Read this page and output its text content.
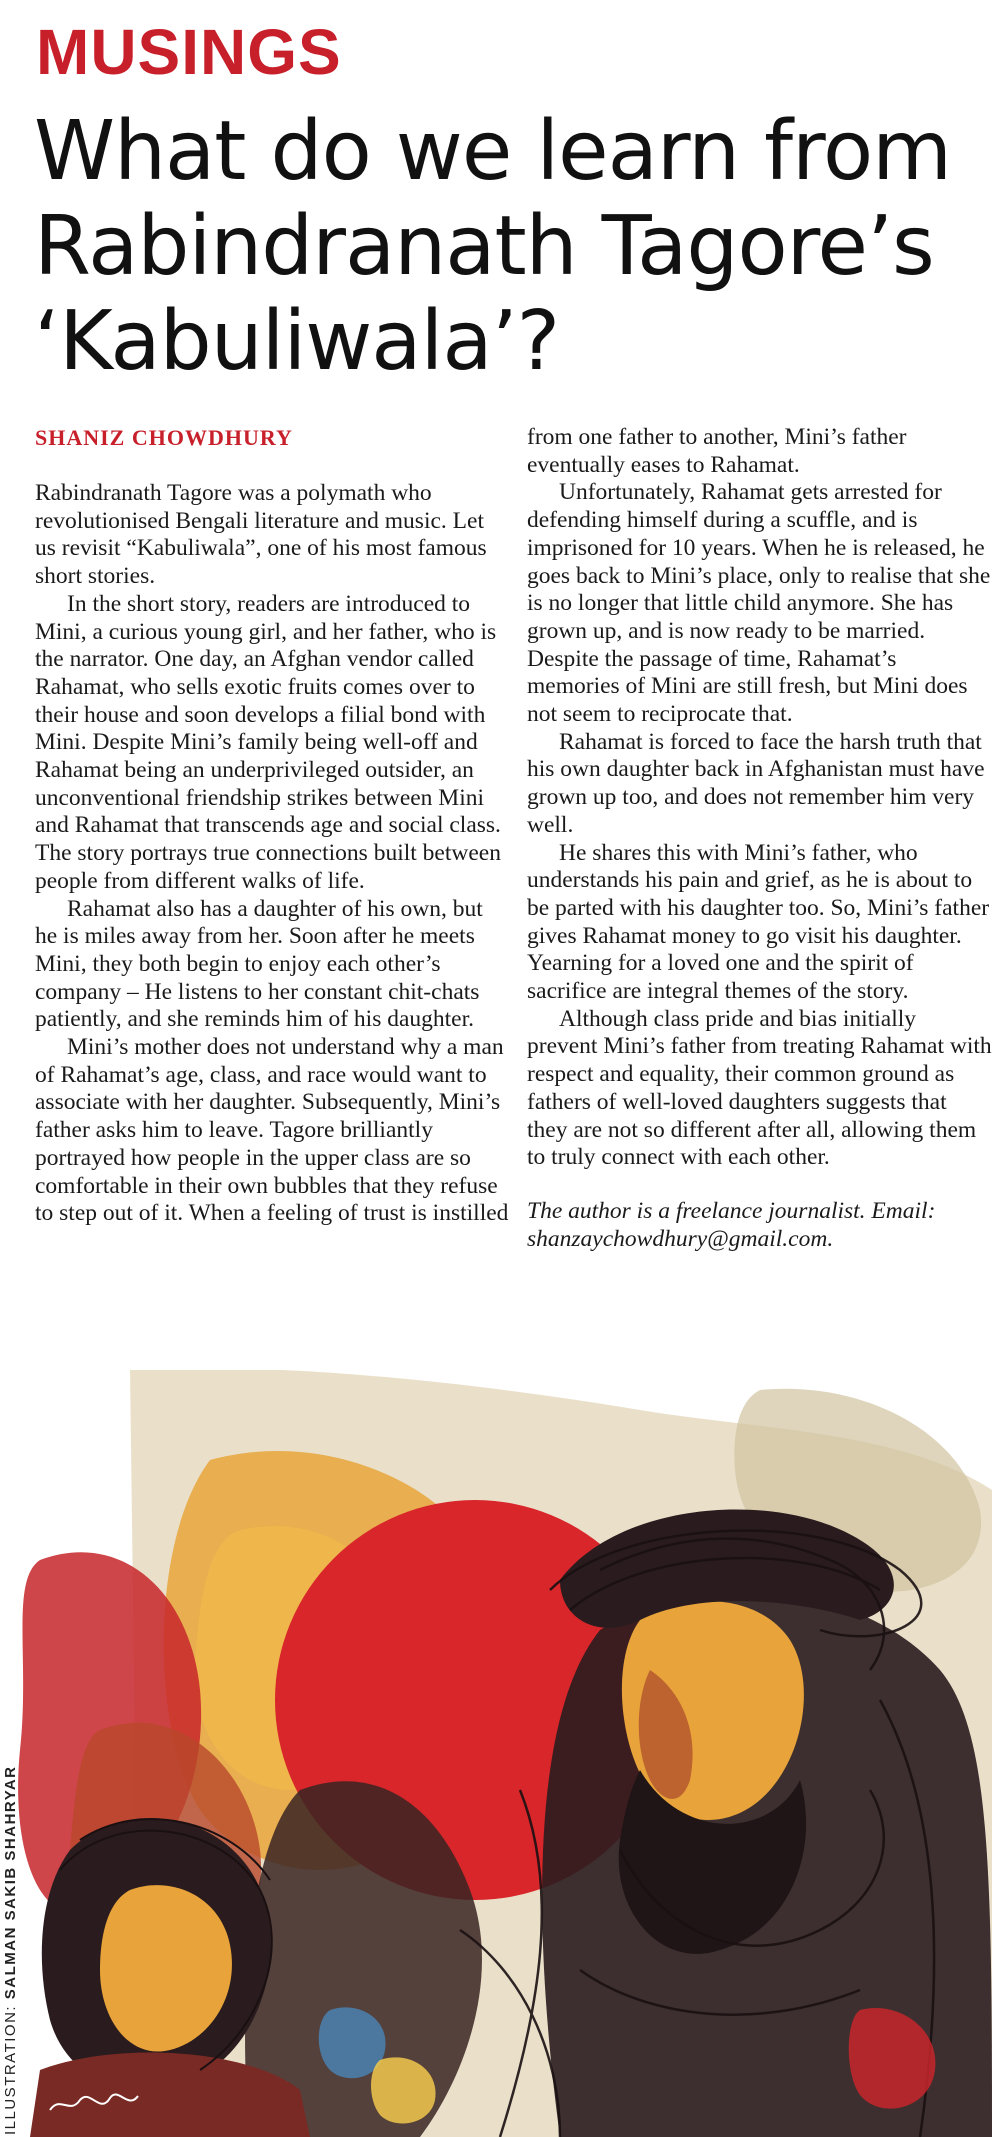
MUSINGS
What do we learn from Rabindranath Tagore’s ‘Kabuliwala’?
SHANIZ CHOWDHURY

Rabindranath Tagore was a polymath who revolutionised Bengali literature and music. Let us revisit “Kabuliwala”, one of his most famous short stories.

In the short story, readers are introduced to Mini, a curious young girl, and her father, who is the narrator. One day, an Afghan vendor called Rahamat, who sells exotic fruits comes over to their house and soon develops a filial bond with Mini. Despite Mini’s family being well-off and Rahamat being an underprivileged outsider, an unconventional friendship strikes between Mini and Rahamat that transcends age and social class. The story portrays true connections built between people from different walks of life.

Rahamat also has a daughter of his own, but he is miles away from her. Soon after he meets Mini, they both begin to enjoy each other’s company – He listens to her constant chit-chats patiently, and she reminds him of his daughter.

Mini’s mother does not understand why a man of Rahamat’s age, class, and race would want to associate with her daughter. Subsequently, Mini’s father asks him to leave. Tagore brilliantly portrayed how people in the upper class are so comfortable in their own bubbles that they refuse to step out of it. When a feeling of trust is instilled

from one father to another, Mini’s father eventually eases to Rahamat.

Unfortunately, Rahamat gets arrested for defending himself during a scuffle, and is imprisoned for 10 years. When he is released, he goes back to Mini’s place, only to realise that she is no longer that little child anymore. She has grown up, and is now ready to be married. Despite the passage of time, Rahamat’s memories of Mini are still fresh, but Mini does not seem to reciprocate that.

Rahamat is forced to face the harsh truth that his own daughter back in Afghanistan must have grown up too, and does not remember him very well.

He shares this with Mini’s father, who understands his pain and grief, as he is about to be parted with his daughter too. So, Mini’s father gives Rahamat money to go visit his daughter. Yearning for a loved one and the spirit of sacrifice are integral themes of the story.

Although class pride and bias initially prevent Mini’s father from treating Rahamat with respect and equality, their common ground as fathers of well-loved daughters suggests that they are not so different after all, allowing them to truly connect with each other.

The author is a freelance journalist. Email: shanzaychowdhury@gmail.com.

ILLUSTRATION: SALMAN SAKIB SHAHRYAR
